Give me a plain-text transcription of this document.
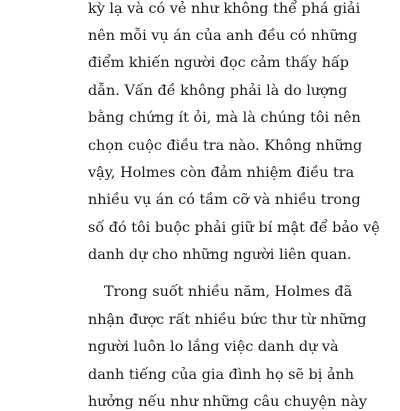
kỳ lạ và có vẻ như không thể phá giải
nên mỗi vụ án của anh đều có những
điểm khiến người đọc cảm thấy hấp
dẫn. Vấn đề không phải là do lượng
bằng chứng ít ỏi, mà là chúng tôi nên
chọn cuộc điều tra nào. Không những
vậy, Holmes còn đảm nhiệm điều tra
nhiều vụ án có tầm cỡ và nhiều trong
số đó tôi buộc phải giữ bí mật để bảo vệ
danh dự cho những người liên quan.
Trong suốt nhiều năm, Holmes đã
nhận được rất nhiều bức thư từ những
người luôn lo lắng việc danh dự và
danh tiếng của gia đình họ sẽ bị ảnh
hưởng nếu như những câu chuyện này
